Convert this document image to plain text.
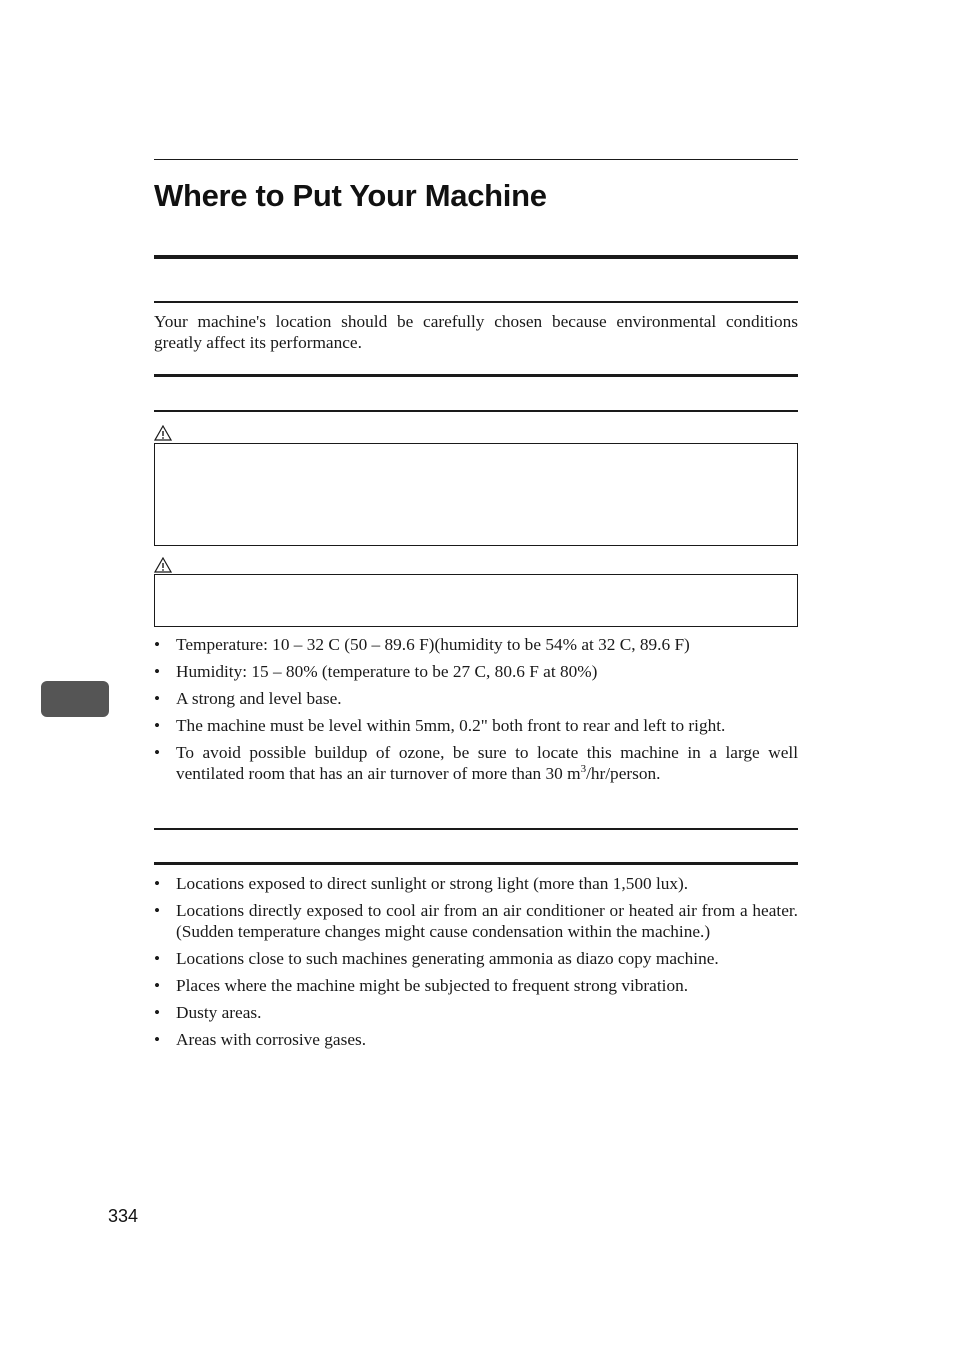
Where to Put Your Machine
Your machine's location should be carefully chosen because environmental conditions greatly affect its performance.
• Temperature: 10 – 32 C (50 – 89.6 F)(humidity to be 54% at 32 C, 89.6 F)
• Humidity: 15 – 80% (temperature to be 27 C, 80.6 F at 80%)
• A strong and level base.
• The machine must be level within 5mm, 0.2" both front to rear and left to right.
• To avoid possible buildup of ozone, be sure to locate this machine in a large well ventilated room that has an air turnover of more than 30 $m^3/hr$/person.
• Locations exposed to direct sunlight or strong light (more than 1,500 lux).
• Locations directly exposed to cool air from an air conditioner or heated air from a heater. (Sudden temperature changes might cause condensation within the machine.)
• Locations close to such machines generating ammonia as diazo copy machine.
• Places where the machine might be subjected to frequent strong vibration.
• Dusty areas.
• Areas with corrosive gases.
334
